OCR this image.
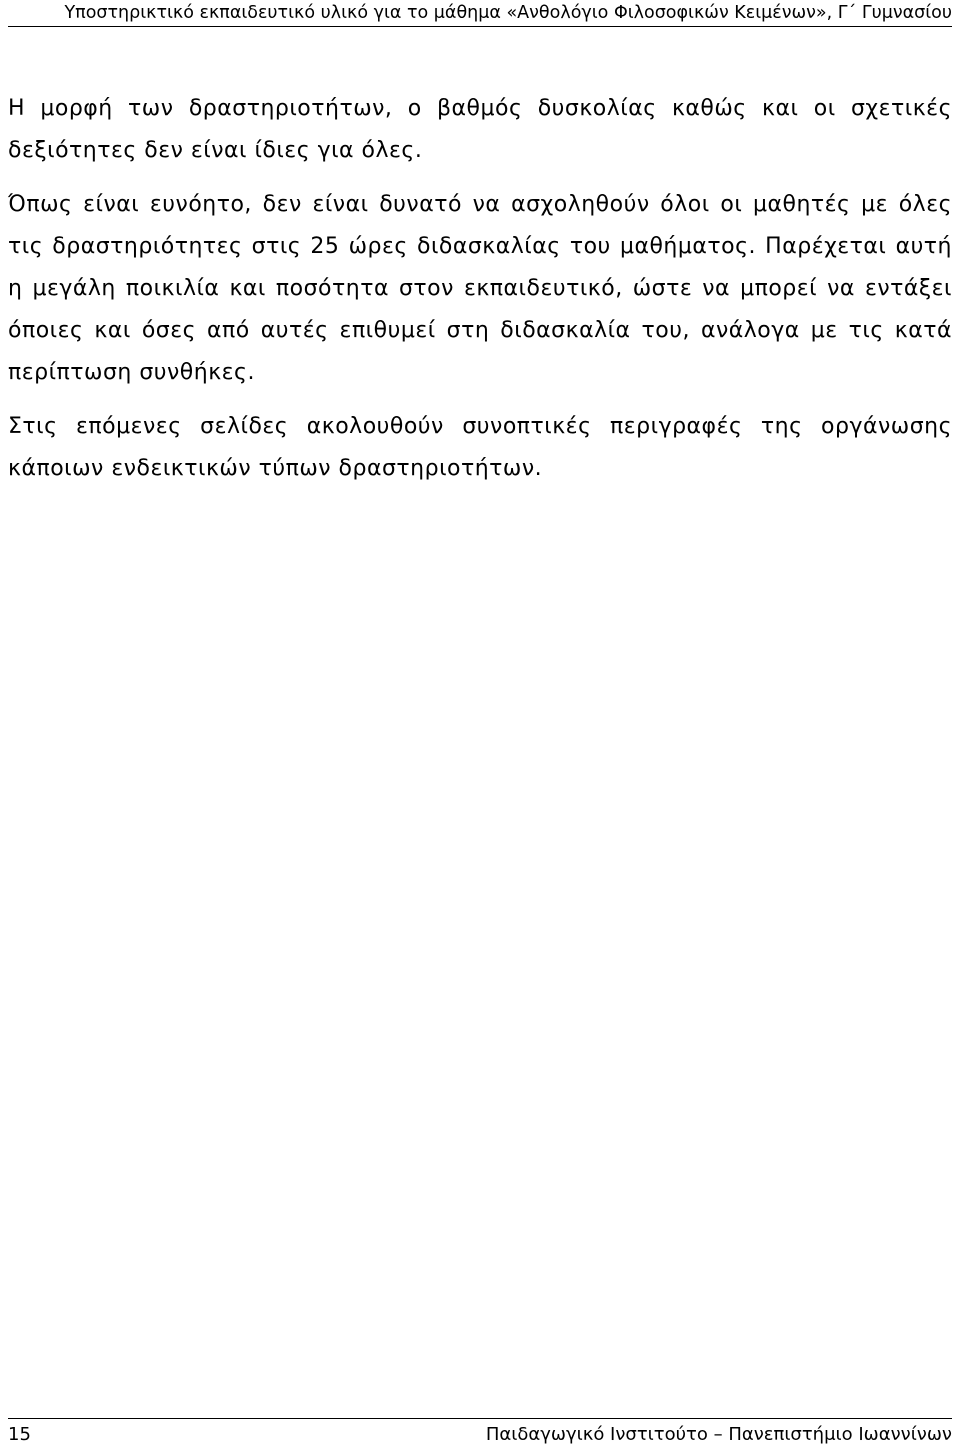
Υποστηρικτικό εκπαιδευτικό υλικό για το μάθημα «Ανθολόγιο Φιλοσοφικών Κειμένων», Γ΄ Γυμνασίου

Η μορφή των δραστηριοτήτων, ο βαθμός δυσκολίας καθώς και οι σχετικές δεξιότητες δεν είναι ίδιες για όλες.

Όπως είναι ευνόητο, δεν είναι δυνατό να ασχοληθούν όλοι οι μαθητές με όλες τις δραστηριότητες στις 25 ώρες διδασκαλίας του μαθήματος. Παρέχεται αυτή η μεγάλη ποικιλία και ποσότητα στον εκπαιδευτικό, ώστε να μπορεί να εντάξει όποιες και όσες από αυτές επιθυμεί στη διδασκαλία του, ανάλογα με τις κατά περίπτωση συνθήκες.

Στις επόμενες σελίδες ακολουθούν συνοπτικές περιγραφές της οργάνωσης κάποιων ενδεικτικών τύπων δραστηριοτήτων.

15	Παιδαγωγικό Ινστιτούτο – Πανεπιστήμιο Ιωαννίνων
